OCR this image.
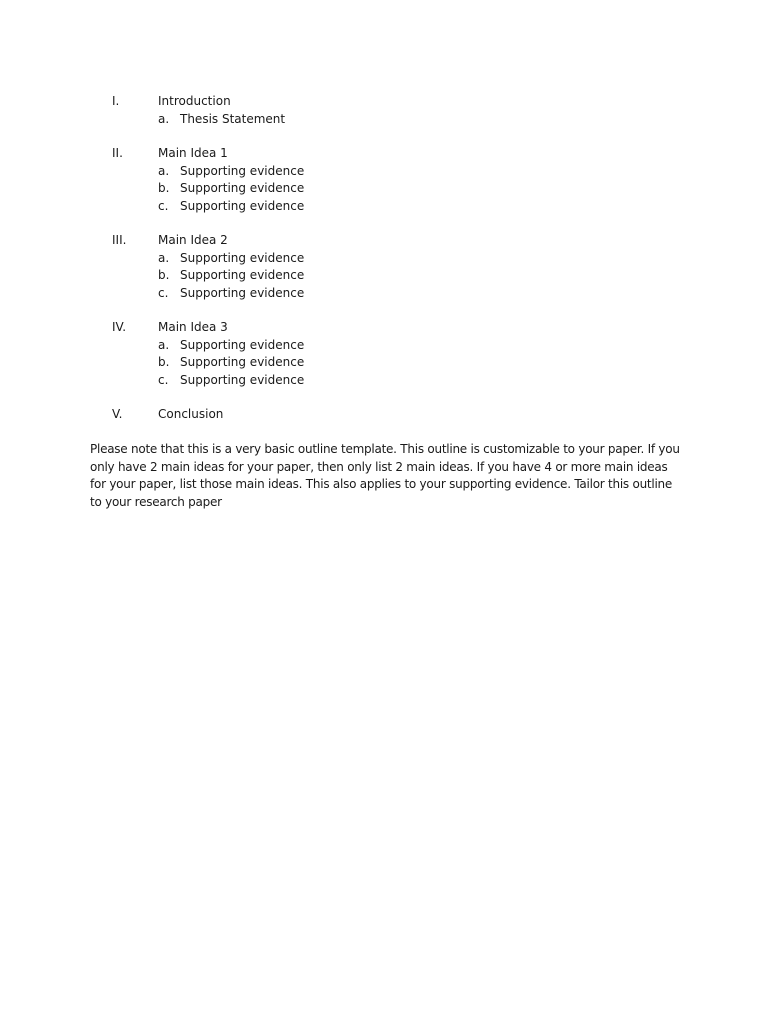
I.	Introduction
a. Thesis Statement
II.	Main Idea 1
a. Supporting evidence
b. Supporting evidence
c. Supporting evidence
III.	Main Idea 2
a. Supporting evidence
b. Supporting evidence
c. Supporting evidence
IV.	Main Idea 3
a. Supporting evidence
b. Supporting evidence
c. Supporting evidence
V.	Conclusion

Please note that this is a very basic outline template. This outline is customizable to your paper. If you only have 2 main ideas for your paper, then only list 2 main ideas. If you have 4 or more main ideas for your paper, list those main ideas. This also applies to your supporting evidence. Tailor this outline to your research paper
